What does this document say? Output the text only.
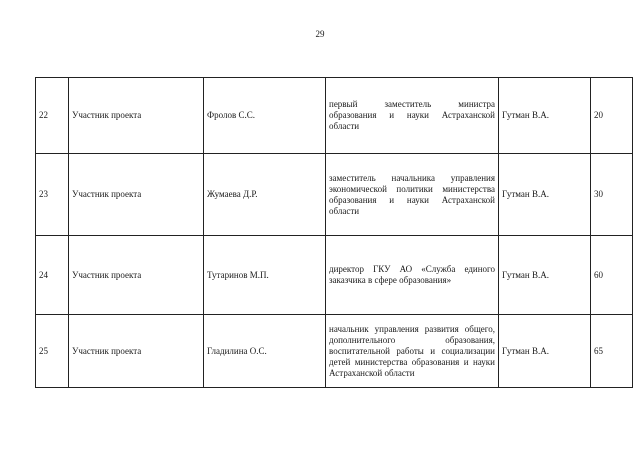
29
22	Участник проекта	Фролов С.С.	первый заместитель министра образования и науки Астраханской области	Гутман В.А.	20
23	Участник проекта	Жумаева Д.Р.	заместитель начальника управления экономической политики министерства образования и науки Астраханской области	Гутман В.А.	30
24	Участник проекта	Тутаринов М.П.	директор ГКУ АО «Служба единого заказчика в сфере образования»	Гутман В.А.	60
25	Участник проекта	Гладилина О.С.	начальник управления развития общего, дополнительного образования, воспитательной работы и социализации детей министерства образования и науки Астраханской области	Гутман В.А.	65
